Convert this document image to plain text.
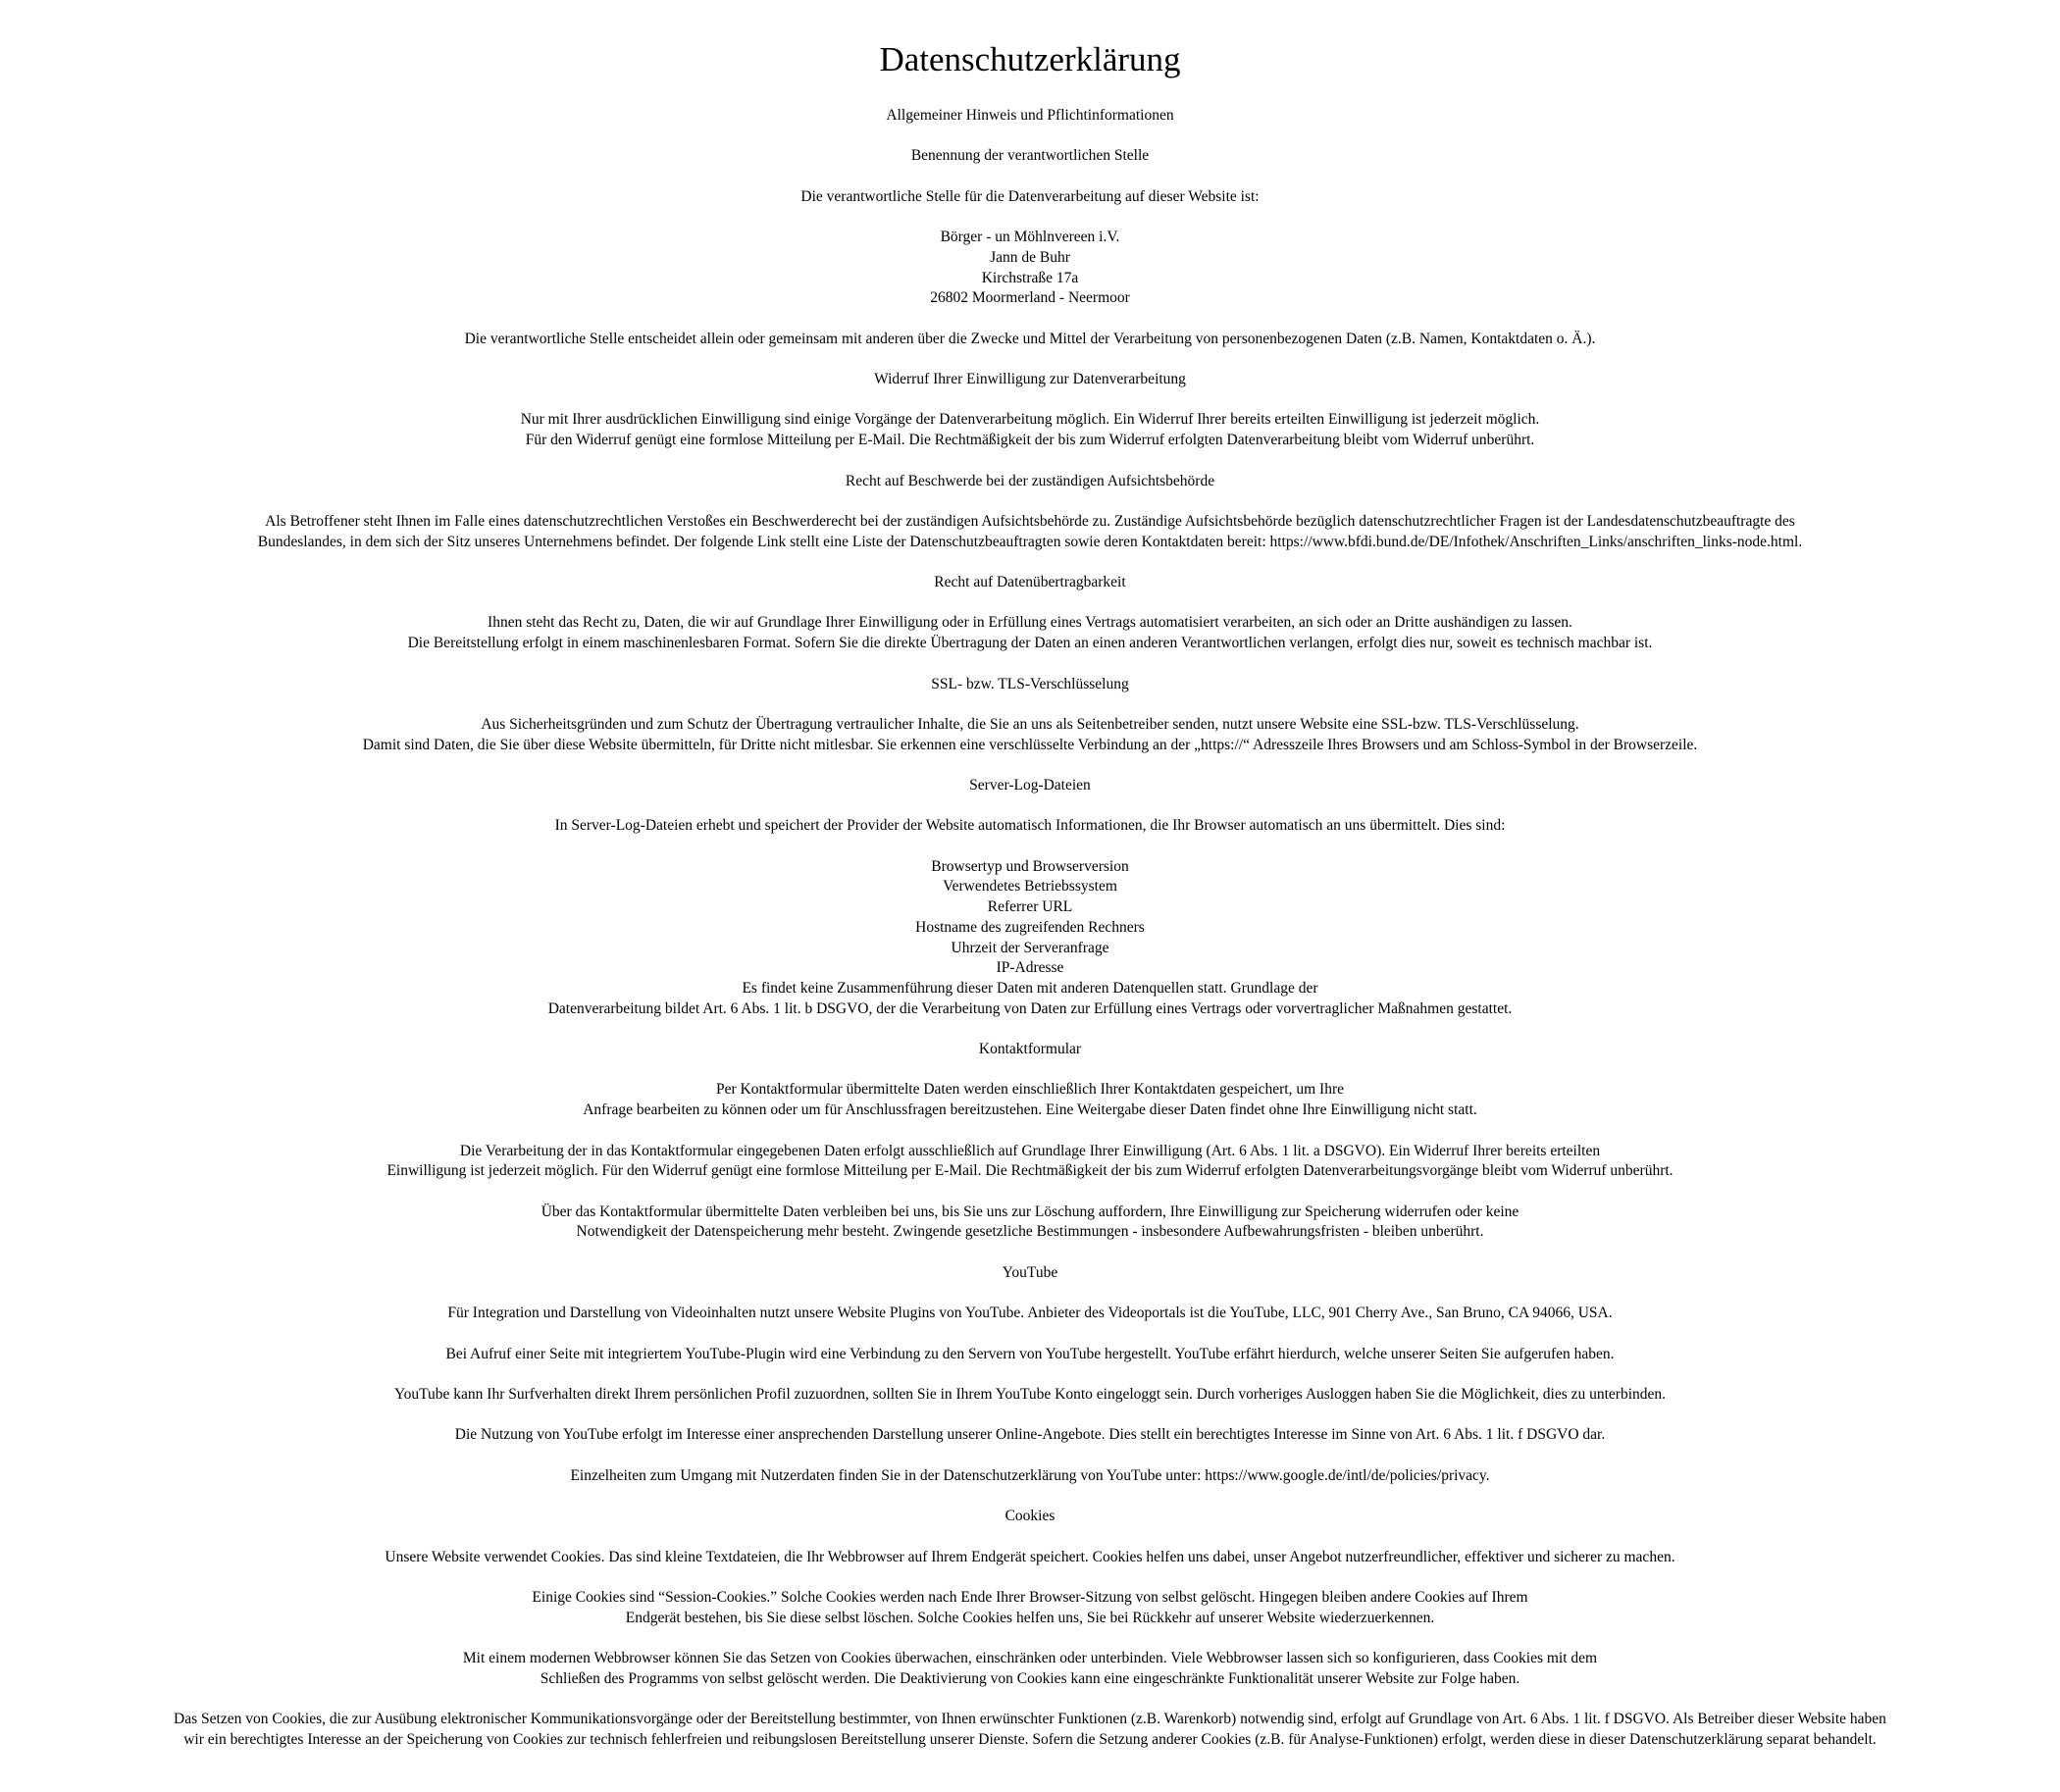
Datenschutzerklärung
Allgemeiner Hinweis und Pflichtinformationen
Benennung der verantwortlichen Stelle
Die verantwortliche Stelle für die Datenverarbeitung auf dieser Website ist:
Börger - un Möhlnvereen i.V.
Jann de Buhr
Kirchstraße 17a
26802 Moormerland - Neermoor
Die verantwortliche Stelle entscheidet allein oder gemeinsam mit anderen über die Zwecke und Mittel der Verarbeitung von personenbezogenen Daten (z.B. Namen, Kontaktdaten o. Ä.).
Widerruf Ihrer Einwilligung zur Datenverarbeitung
Nur mit Ihrer ausdrücklichen Einwilligung sind einige Vorgänge der Datenverarbeitung möglich. Ein Widerruf Ihrer bereits erteilten Einwilligung ist jederzeit möglich.
Für den Widerruf genügt eine formlose Mitteilung per E-Mail. Die Rechtmäßigkeit der bis zum Widerruf erfolgten Datenverarbeitung bleibt vom Widerruf unberührt.
Recht auf Beschwerde bei der zuständigen Aufsichtsbehörde
Als Betroffener steht Ihnen im Falle eines datenschutzrechtlichen Verstoßes ein Beschwerderecht bei der zuständigen Aufsichtsbehörde zu. Zuständige Aufsichtsbehörde bezüglich datenschutzrechtlicher Fragen ist der Landesdatenschutzbeauftragte des
Bundeslandes, in dem sich der Sitz unseres Unternehmens befindet. Der folgende Link stellt eine Liste der Datenschutzbeauftragten sowie deren Kontaktdaten bereit: https://www.bfdi.bund.de/DE/Infothek/Anschriften_Links/anschriften_links-node.html.
Recht auf Datenübertragbarkeit
Ihnen steht das Recht zu, Daten, die wir auf Grundlage Ihrer Einwilligung oder in Erfüllung eines Vertrags automatisiert verarbeiten, an sich oder an Dritte aushändigen zu lassen.
Die Bereitstellung erfolgt in einem maschinenlesbaren Format. Sofern Sie die direkte Übertragung der Daten an einen anderen Verantwortlichen verlangen, erfolgt dies nur, soweit es technisch machbar ist.
SSL- bzw. TLS-Verschlüsselung
Aus Sicherheitsgründen und zum Schutz der Übertragung vertraulicher Inhalte, die Sie an uns als Seitenbetreiber senden, nutzt unsere Website eine SSL-bzw. TLS-Verschlüsselung.
Damit sind Daten, die Sie über diese Website übermitteln, für Dritte nicht mitlesbar. Sie erkennen eine verschlüsselte Verbindung an der „https://“ Adresszeile Ihres Browsers und am Schloss-Symbol in der Browserzeile.
Server-Log-Dateien
In Server-Log-Dateien erhebt und speichert der Provider der Website automatisch Informationen, die Ihr Browser automatisch an uns übermittelt. Dies sind:
Browsertyp und Browserversion
Verwendetes Betriebssystem
Referrer URL
Hostname des zugreifenden Rechners
Uhrzeit der Serveranfrage
IP-Adresse
Es findet keine Zusammenführung dieser Daten mit anderen Datenquellen statt. Grundlage der
Datenverarbeitung bildet Art. 6 Abs. 1 lit. b DSGVO, der die Verarbeitung von Daten zur Erfüllung eines Vertrags oder vorvertraglicher Maßnahmen gestattet.
Kontaktformular
Per Kontaktformular übermittelte Daten werden einschließlich Ihrer Kontaktdaten gespeichert, um Ihre
Anfrage bearbeiten zu können oder um für Anschlussfragen bereitzustehen. Eine Weitergabe dieser Daten findet ohne Ihre Einwilligung nicht statt.
Die Verarbeitung der in das Kontaktformular eingegebenen Daten erfolgt ausschließlich auf Grundlage Ihrer Einwilligung (Art. 6 Abs. 1 lit. a DSGVO). Ein Widerruf Ihrer bereits erteilten
Einwilligung ist jederzeit möglich. Für den Widerruf genügt eine formlose Mitteilung per E-Mail. Die Rechtmäßigkeit der bis zum Widerruf erfolgten Datenverarbeitungsvorgänge bleibt vom Widerruf unberührt.
Über das Kontaktformular übermittelte Daten verbleiben bei uns, bis Sie uns zur Löschung auffordern, Ihre Einwilligung zur Speicherung widerrufen oder keine
Notwendigkeit der Datenspeicherung mehr besteht. Zwingende gesetzliche Bestimmungen - insbesondere Aufbewahrungsfristen - bleiben unberührt.
YouTube
Für Integration und Darstellung von Videoinhalten nutzt unsere Website Plugins von YouTube. Anbieter des Videoportals ist die YouTube, LLC, 901 Cherry Ave., San Bruno, CA 94066, USA.
Bei Aufruf einer Seite mit integriertem YouTube-Plugin wird eine Verbindung zu den Servern von YouTube hergestellt. YouTube erfährt hierdurch, welche unserer Seiten Sie aufgerufen haben.
YouTube kann Ihr Surfverhalten direkt Ihrem persönlichen Profil zuzuordnen, sollten Sie in Ihrem YouTube Konto eingeloggt sein. Durch vorheriges Ausloggen haben Sie die Möglichkeit, dies zu unterbinden.
Die Nutzung von YouTube erfolgt im Interesse einer ansprechenden Darstellung unserer Online-Angebote. Dies stellt ein berechtigtes Interesse im Sinne von Art. 6 Abs. 1 lit. f DSGVO dar.
Einzelheiten zum Umgang mit Nutzerdaten finden Sie in der Datenschutzerklärung von YouTube unter: https://www.google.de/intl/de/policies/privacy.
Cookies
Unsere Website verwendet Cookies. Das sind kleine Textdateien, die Ihr Webbrowser auf Ihrem Endgerät speichert. Cookies helfen uns dabei, unser Angebot nutzerfreundlicher, effektiver und sicherer zu machen.
Einige Cookies sind “Session-Cookies.” Solche Cookies werden nach Ende Ihrer Browser-Sitzung von selbst gelöscht. Hingegen bleiben andere Cookies auf Ihrem
Endgerät bestehen, bis Sie diese selbst löschen. Solche Cookies helfen uns, Sie bei Rückkehr auf unserer Website wiederzuerkennen.
Mit einem modernen Webbrowser können Sie das Setzen von Cookies überwachen, einschränken oder unterbinden. Viele Webbrowser lassen sich so konfigurieren, dass Cookies mit dem
Schließen des Programms von selbst gelöscht werden. Die Deaktivierung von Cookies kann eine eingeschränkte Funktionalität unserer Website zur Folge haben.
Das Setzen von Cookies, die zur Ausübung elektronischer Kommunikationsvorgänge oder der Bereitstellung bestimmter, von Ihnen erwünschter Funktionen (z.B. Warenkorb) notwendig sind, erfolgt auf Grundlage von Art. 6 Abs. 1 lit. f DSGVO. Als Betreiber dieser Website haben
wir ein berechtigtes Interesse an der Speicherung von Cookies zur technisch fehlerfreien und reibungslosen Bereitstellung unserer Dienste. Sofern die Setzung anderer Cookies (z.B. für Analyse-Funktionen) erfolgt, werden diese in dieser Datenschutzerklärung separat behandelt.
